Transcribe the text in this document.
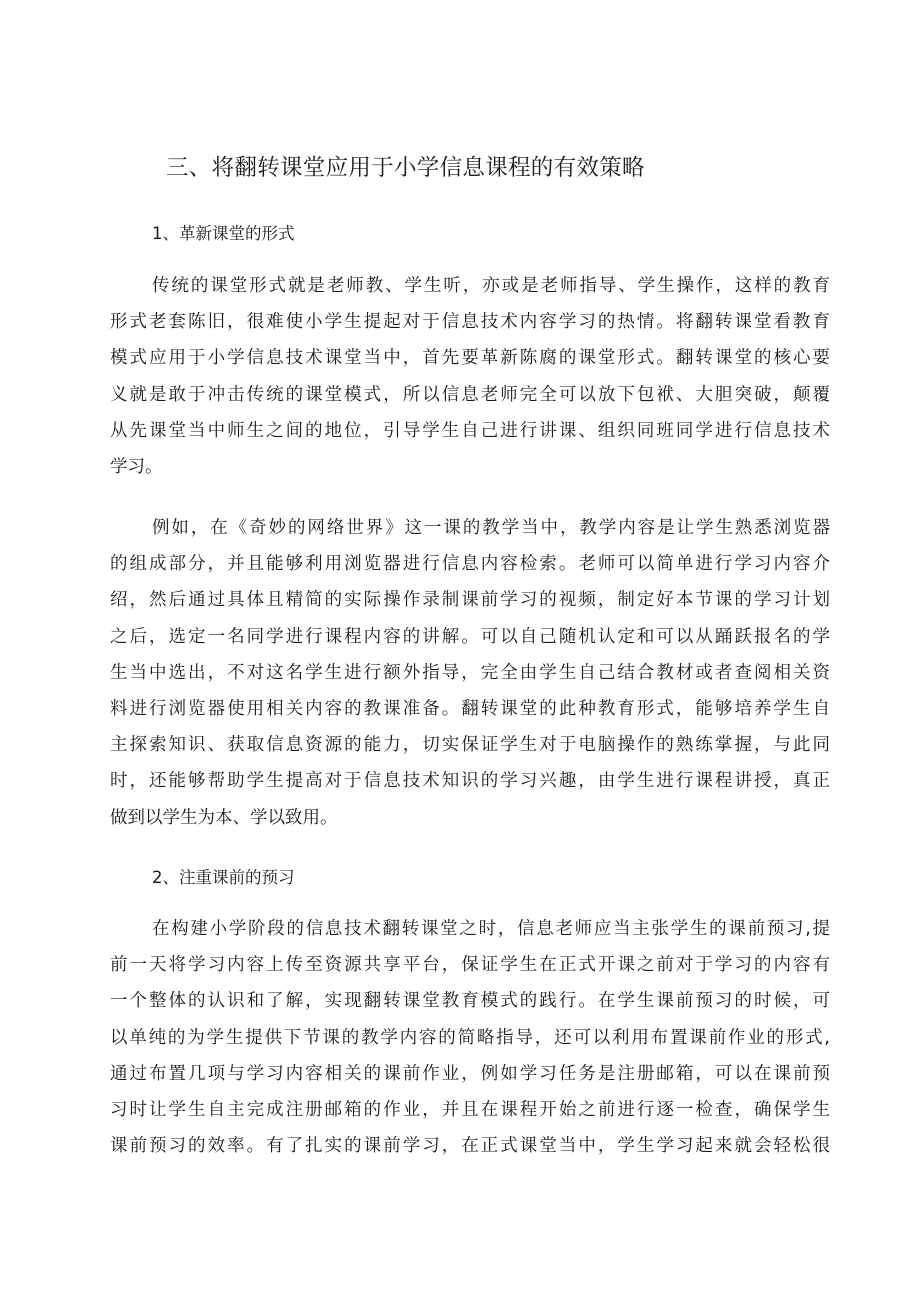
三、将翻转课堂应用于小学信息课程的有效策略
1、革新课堂的形式
传统的课堂形式就是老师教、学生听，亦或是老师指导、学生操作，这样的教育
形式老套陈旧，很难使小学生提起对于信息技术内容学习的热情。将翻转课堂看教育
模式应用于小学信息技术课堂当中，首先要革新陈腐的课堂形式。翻转课堂的核心要
义就是敢于冲击传统的课堂模式，所以信息老师完全可以放下包袱、大胆突破，颠覆
从先课堂当中师生之间的地位，引导学生自己进行讲课、组织同班同学进行信息技术
学习。
例如，在《奇妙的网络世界》这一课的教学当中，教学内容是让学生熟悉浏览器
的组成部分，并且能够利用浏览器进行信息内容检索。老师可以简单进行学习内容介
绍，然后通过具体且精简的实际操作录制课前学习的视频，制定好本节课的学习计划
之后，选定一名同学进行课程内容的讲解。可以自己随机认定和可以从踊跃报名的学
生当中选出，不对这名学生进行额外指导，完全由学生自己结合教材或者查阅相关资
料进行浏览器使用相关内容的教课准备。翻转课堂的此种教育形式，能够培养学生自
主探索知识、获取信息资源的能力，切实保证学生对于电脑操作的熟练掌握，与此同
时，还能够帮助学生提高对于信息技术知识的学习兴趣，由学生进行课程讲授，真正
做到以学生为本、学以致用。
2、注重课前的预习
在构建小学阶段的信息技术翻转课堂之时，信息老师应当主张学生的课前预习,提
前一天将学习内容上传至资源共享平台，保证学生在正式开课之前对于学习的内容有
一个整体的认识和了解，实现翻转课堂教育模式的践行。在学生课前预习的时候，可
以单纯的为学生提供下节课的教学内容的简略指导，还可以利用布置课前作业的形式,
通过布置几项与学习内容相关的课前作业，例如学习任务是注册邮箱，可以在课前预
习时让学生自主完成注册邮箱的作业，并且在课程开始之前进行逐一检查，确保学生
课前预习的效率。有了扎实的课前学习，在正式课堂当中，学生学习起来就会轻松很
